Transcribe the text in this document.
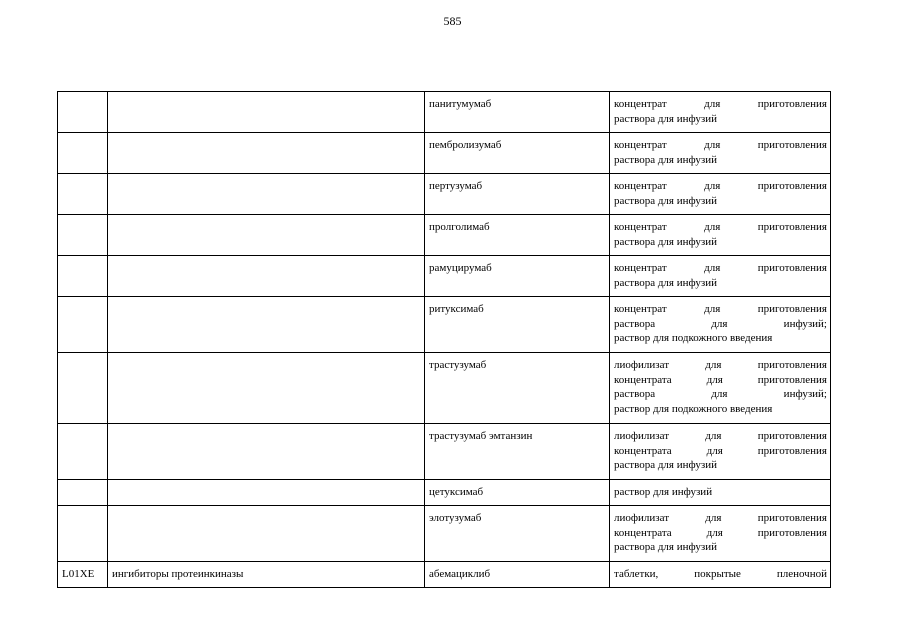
585
		панитумумаб	концентрат для приготовления
раствора для инфузий

		пембролизумаб	концентрат для приготовления
раствора для инфузий

		пертузумаб	концентрат для приготовления
раствора для инфузий

		пролголимаб	концентрат для приготовления
раствора для инфузий

		рамуцирумаб	концентрат для приготовления
раствора для инфузий

		ритуксимаб	концентрат для приготовления
раствора для инфузий;
раствор для подкожного введения

		трастузумаб	лиофилизат для приготовления
концентрата для приготовления
раствора для инфузий;
раствор для подкожного введения

		трастузумаб эмтанзин	лиофилизат для приготовления
концентрата для приготовления
раствора для инфузий

		цетуксимаб	раствор для инфузий

		элотузумаб	лиофилизат для приготовления
концентрата для приготовления
раствора для инфузий

L01XE	ингибиторы протеинкиназы	абемациклиб	таблетки, покрытые пленочной
